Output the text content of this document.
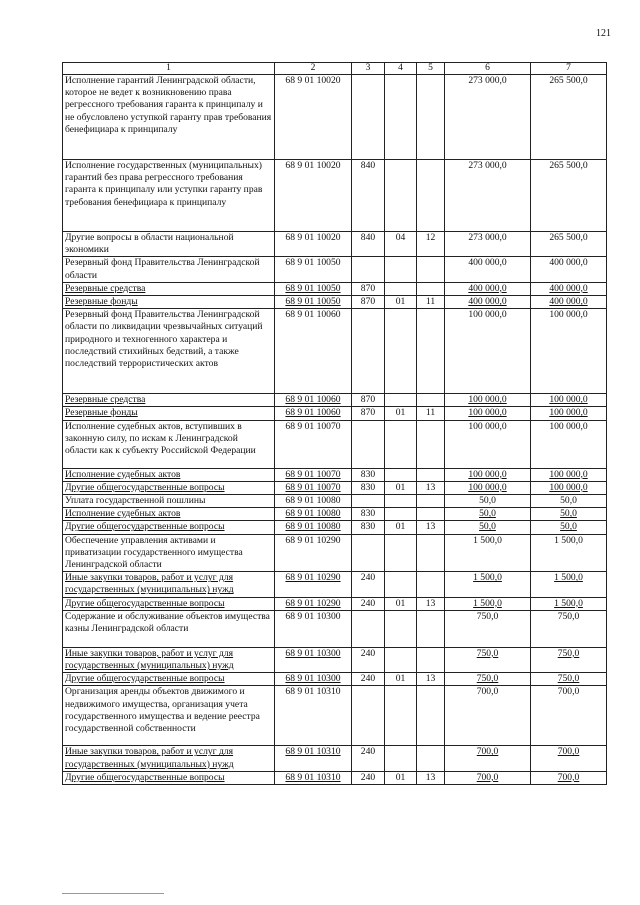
121
1	2	3	4	5	6	7
Исполнение гарантий Ленинградской области, которое не ведет к возникновению права регрессного требования гаранта к принципалу и не обусловлено уступкой гаранту прав требования бенефициара к принципалу	68 9 01 10020				273 000,0	265 500,0
Исполнение государственных (муниципальных) гарантий без права регрессного требования гаранта к принципалу или уступки гаранту прав требования бенефициара к принципалу	68 9 01 10020	840			273 000,0	265 500,0
Другие вопросы в области национальной экономики	68 9 01 10020	840	04	12	273 000,0	265 500,0
Резервный фонд Правительства Ленинградской области	68 9 01 10050				400 000,0	400 000,0
Резервные средства	68 9 01 10050	870			400 000,0	400 000,0
Резервные фонды	68 9 01 10050	870	01	11	400 000,0	400 000,0
Резервный фонд Правительства Ленинградской области по ликвидации чрезвычайных ситуаций природного и техногенного характера и последствий стихийных бедствий, а также последствий террористических актов	68 9 01 10060				100 000,0	100 000,0
Резервные средства	68 9 01 10060	870			100 000,0	100 000,0
Резервные фонды	68 9 01 10060	870	01	11	100 000,0	100 000,0
Исполнение судебных актов, вступивших в законную силу, по искам к Ленинградской области как к субъекту Российской Федерации	68 9 01 10070				100 000,0	100 000,0
Исполнение судебных актов	68 9 01 10070	830			100 000,0	100 000,0
Другие общегосударственные вопросы	68 9 01 10070	830	01	13	100 000,0	100 000,0
Уплата государственной пошлины	68 9 01 10080				50,0	50,0
Исполнение судебных актов	68 9 01 10080	830			50,0	50,0
Другие общегосударственные вопросы	68 9 01 10080	830	01	13	50,0	50,0
Обеспечение управления активами и приватизации государственного имущества Ленинградской области	68 9 01 10290				1 500,0	1 500,0
Иные закупки товаров, работ и услуг для государственных (муниципальных) нужд	68 9 01 10290	240			1 500,0	1 500,0
Другие общегосударственные вопросы	68 9 01 10290	240	01	13	1 500,0	1 500,0
Содержание и обслуживание объектов имущества казны Ленинградской области	68 9 01 10300				750,0	750,0
Иные закупки товаров, работ и услуг для государственных (муниципальных) нужд	68 9 01 10300	240			750,0	750,0
Другие общегосударственные вопросы	68 9 01 10300	240	01	13	750,0	750,0
Организация аренды объектов движимого и недвижимого имущества, организация учета государственного имущества и ведение реестра государственной собственности	68 9 01 10310				700,0	700,0
Иные закупки товаров, работ и услуг для государственных (муниципальных) нужд	68 9 01 10310	240			700,0	700,0
Другие общегосударственные вопросы	68 9 01 10310	240	01	13	700,0	700,0
